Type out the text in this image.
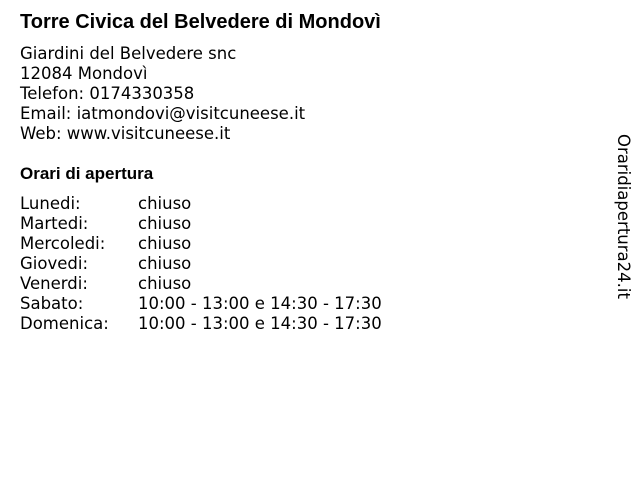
Torre Civica del Belvedere di Mondovì
Giardini del Belvedere snc
12084 Mondovì
Telefon: 0174330358
Email: iatmondovi@visitcuneese.it
Web: www.visitcuneese.it
Orari di apertura
Lunedi:	chiuso
Martedi:	chiuso
Mercoledi:	chiuso
Giovedi:	chiuso
Venerdi:	chiuso
Sabato:	10:00 - 13:00 e 14:30 - 17:30
Domenica:	10:00 - 13:00 e 14:30 - 17:30
Oraridiapertura24.it
